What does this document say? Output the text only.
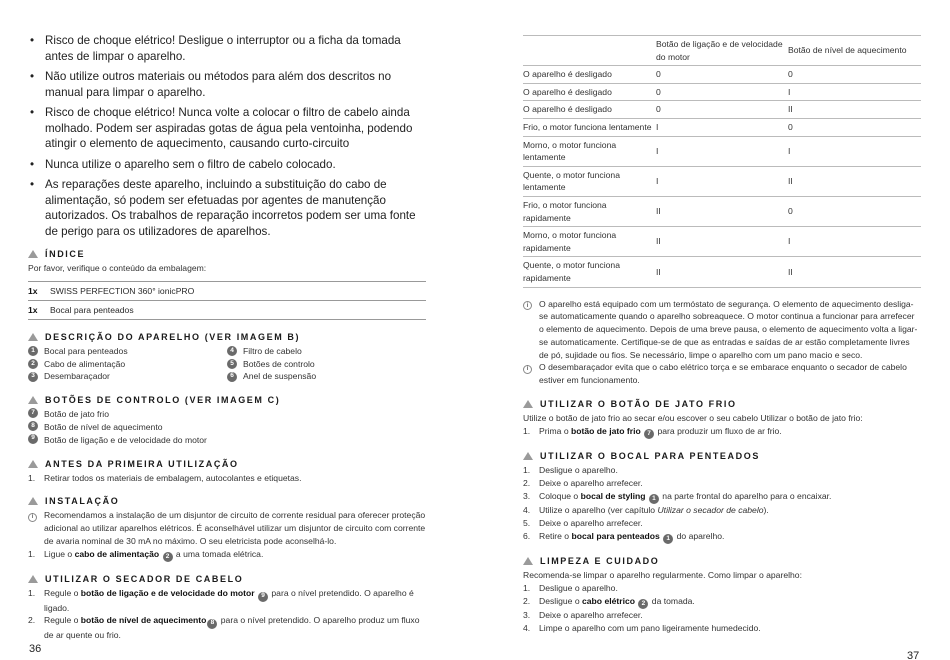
• Risco de choque elétrico! Desligue o interruptor ou a ficha da tomada antes de limpar o aparelho.
• Não utilize outros materiais ou métodos para além dos descritos no manual para limpar o aparelho.
• Risco de choque elétrico! Nunca volte a colocar o filtro de cabelo ainda molhado. Podem ser aspiradas gotas de água pela ventoinha, podendo atingir o elemento de aquecimento, causando curto-circuito
• Nunca utilize o aparelho sem o filtro de cabelo colocado.
• As reparações deste aparelho, incluindo a substituição do cabo de alimentação, só podem ser efetuadas por agentes de manutenção autorizados. Os trabalhos de reparação incorretos podem ser uma fonte de perigo para os utilizadores de aparelhos.
ÍNDICE
Por favor, verifique o conteúdo da embalagem:
1x	SWISS PERFECTION 360° ionicPRO
1x	Bocal para penteados
DESCRIÇÃO DO APARELHO (VER IMAGEM B)
1	Bocal para penteados
2	Cabo de alimentação
3	Desembaraçador
4	Filtro de cabelo
5	Botões de controlo
6	Anel de suspensão
BOTÕES DE CONTROLO (VER IMAGEM C)
7	Botão de jato frio
8	Botão de nível de aquecimento
9	Botão de ligação e de velocidade do motor
ANTES DA PRIMEIRA UTILIZAÇÃO
1.	Retirar todos os materiais de embalagem, autocolantes e etiquetas.
INSTALAÇÃO
i	Recomendamos a instalação de um disjuntor de circuito de corrente residual para oferecer proteção adicional ao utilizar aparelhos elétricos. É aconselhável utilizar um disjuntor de circuito com corrente de avaria nominal de 30 mA no máximo. O seu eletricista pode aconselhá-lo.
1.	Ligue o cabo de alimentação 2 a uma tomada elétrica.
UTILIZAR O SECADOR DE CABELO
1.	Regule o botão de ligação e de velocidade do motor 9 para o nível pretendido. O aparelho é ligado.
2.	Regule o botão de nível de aquecimento 8 para o nível pretendido. O aparelho produz um fluxo de ar quente ou frio.
36
	Botão de ligação e de velocidade do motor	Botão de nível de aquecimento
O aparelho é desligado	0	0
O aparelho é desligado	0	I
O aparelho é desligado	0	II
Frio, o motor funciona lentamente	I	0
Morno, o motor funciona lentamente	I	I
Quente, o motor funciona lentamente	I	II
Frio, o motor funciona rapidamente	II	0
Morno, o motor funciona rapidamente	II	I
Quente, o motor funciona rapidamente	II	II
i	O aparelho está equipado com um termóstato de segurança. O elemento de aquecimento desliga-se automaticamente quando o aparelho sobreaquece. O motor continua a funcionar para arrefecer o elemento de aquecimento. Depois de uma breve pausa, o elemento de aquecimento volta a ligar-se automaticamente. Certifique-se de que as entradas e saídas de ar estão completamente livres de pó, sujidade ou fios. Se necessário, limpe o aparelho com um pano macio e seco.
i	O desembaraçador evita que o cabo elétrico torça e se embarace enquanto o secador de cabelo estiver em funcionamento.
UTILIZAR O BOTÃO DE JATO FRIO
Utilize o botão de jato frio ao secar e/ou escover o seu cabelo Utilizar o botão de jato frio:
1.	Prima o botão de jato frio 7 para produzir um fluxo de ar frio.
UTILIZAR O BOCAL PARA PENTEADOS
1.	Desligue o aparelho.
2.	Deixe o aparelho arrefecer.
3.	Coloque o bocal de styling 1 na parte frontal do aparelho para o encaixar.
4.	Utilize o aparelho (ver capítulo Utilizar o secador de cabelo).
5.	Deixe o aparelho arrefecer.
6.	Retire o bocal para penteados 1 do aparelho.
LIMPEZA E CUIDADO
Recomenda-se limpar o aparelho regularmente. Como limpar o aparelho:
1.	Desligue o aparelho.
2.	Desligue o cabo elétrico 2 da tomada.
3.	Deixe o aparelho arrefecer.
4.	Limpe o aparelho com um pano ligeiramente humedecido.
37
